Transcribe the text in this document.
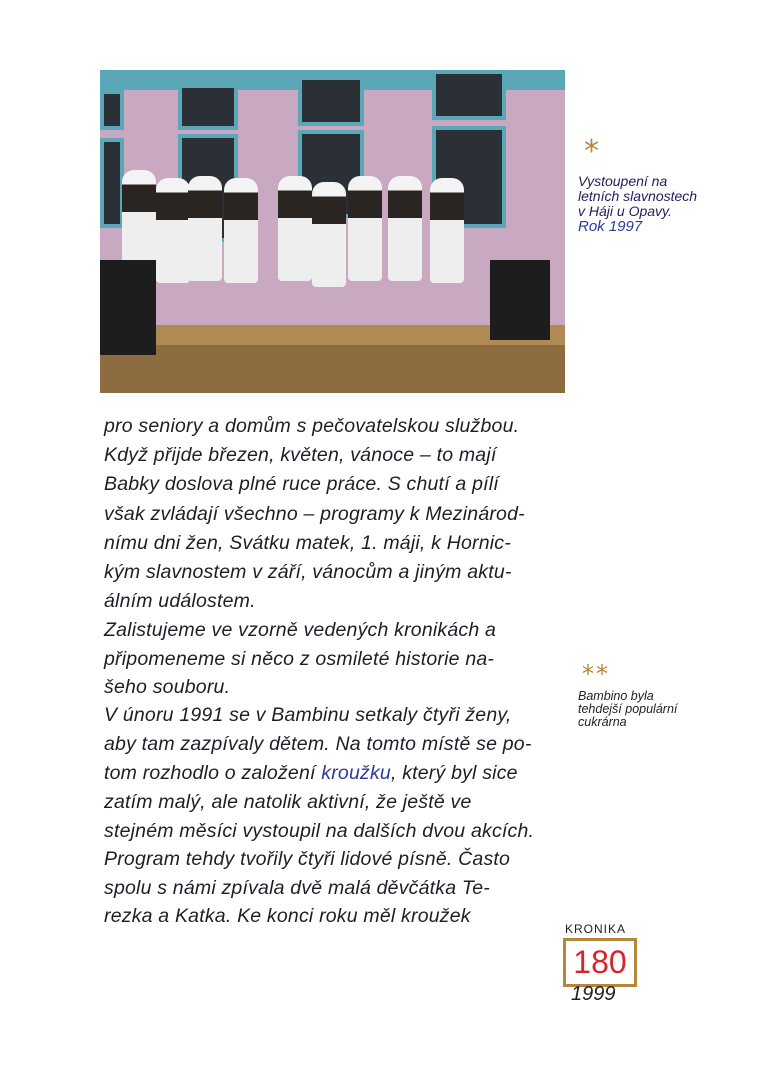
pro seniory a domům s pečovatelskou službou.
Když přijde březen, květen, vánoce – to mají
Babky doslova plné ruce práce. S chutí a pílí
však zvládají všechno – programy k Mezinárod-
nímu dni žen, Svátku matek, 1. máji, k Hornic-
kým slavnostem v září, vánocům a jiným aktu-
álním událostem.
Zalistujeme ve vzorně vedených kronikách a
připomeneme si něco z osmileté historie na-
šeho souboru.
V únoru 1991 se v Bambinu setkaly čtyři ženy,
aby tam zazpívaly dětem. Na tomto místě se po-
tom rozhodlo o založení kroužku, který byl sice
zatím malý, ale natolik aktivní, že ještě ve
stejném měsíci vystoupil na dalších dvou akcích.
Program tehdy tvořily čtyři lidové písně. Často
spolu s námi zpívala dvě malá děvčátka Te-
rezka a Katka. Ke konci roku měl kroužek
*
Vystoupení na
letních slavnostech
v Háji u Opavy.
Rok 1997
**
Bambino byla
tehdejší populární
cukrárna
KRONIKA
180
1999
